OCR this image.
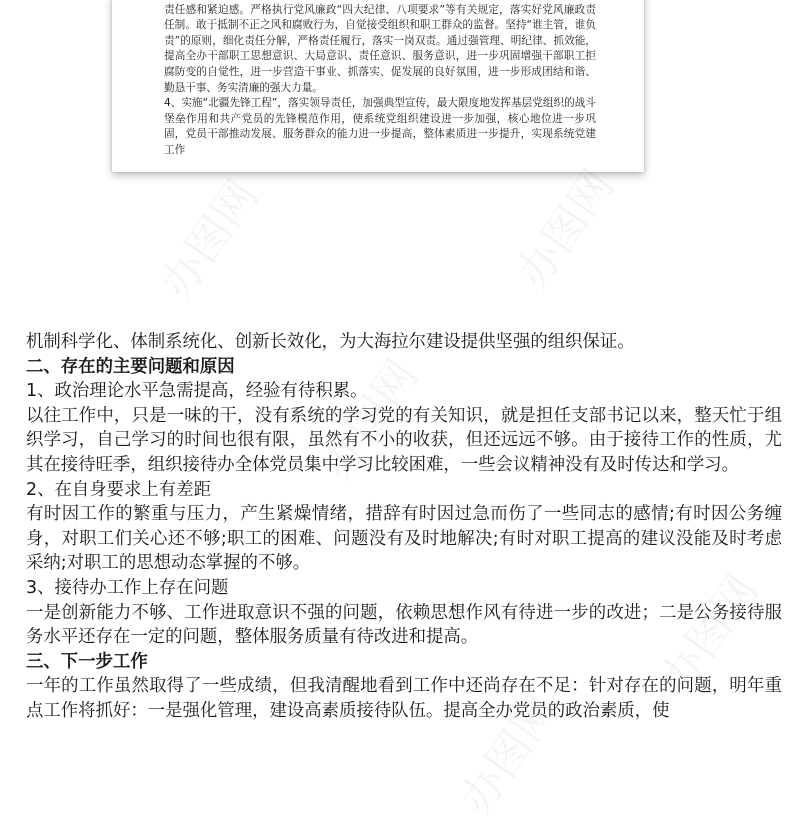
责任感和紧迫感。严格执行党风廉政“四大纪律、八项要求”等有关规定，落实好党风廉政责任制。敢于抵制不正之风和腐败行为，自觉接受组织和职工群众的监督。坚持“谁主管，谁负责”的原则，细化责任分解，严格责任履行，落实一岗双责。通过强管理、明纪律、抓效能，提高全办干部职工思想意识、大局意识、责任意识、服务意识，进一步巩固增强干部职工拒腐防变的自觉性，进一步营造干事业、抓落实、促发展的良好氛围，进一步形成团结和谐、勤恳干事、务实清廉的强大力量。

4、实施“北疆先锋工程”，落实领导责任，加强典型宣传，最大限度地发挥基层党组织的战斗堡垒作用和共产党员的先锋模范作用，使系统党组织建设进一步加强，核心地位进一步巩固，党员干部推动发展、服务群众的能力进一步提高，整体素质进一步提升，实现系统党建工作

机制科学化、体制系统化、创新长效化，为大海拉尔建设提供坚强的组织保证。

二、存在的主要问题和原因

1、政治理论水平急需提高，经验有待积累。

以往工作中，只是一味的干，没有系统的学习党的有关知识，就是担任支部书记以来，整天忙于组织学习，自己学习的时间也很有限，虽然有不小的收获，但还远远不够。由于接待工作的性质，尤其在接待旺季，组织接待办全体党员集中学习比较困难，一些会议精神没有及时传达和学习。

2、在自身要求上有差距

有时因工作的繁重与压力，产生紧燥情绪，措辞有时因过急而伤了一些同志的感情;有时因公务缠身，对职工们关心还不够;职工的困难、问题没有及时地解决;有时对职工提高的建议没能及时考虑采纳;对职工的思想动态掌握的不够。

3、接待办工作上存在问题

一是创新能力不够、工作进取意识不强的问题，依赖思想作风有待进一步的改进；二是公务接待服务水平还存在一定的问题，整体服务质量有待改进和提高。

三、下一步工作

一年的工作虽然取得了一些成绩，但我清醒地看到工作中还尚存在不足：针对存在的问题，明年重点工作将抓好：一是强化管理，建设高素质接待队伍。提高全办党员的政治素质，使
